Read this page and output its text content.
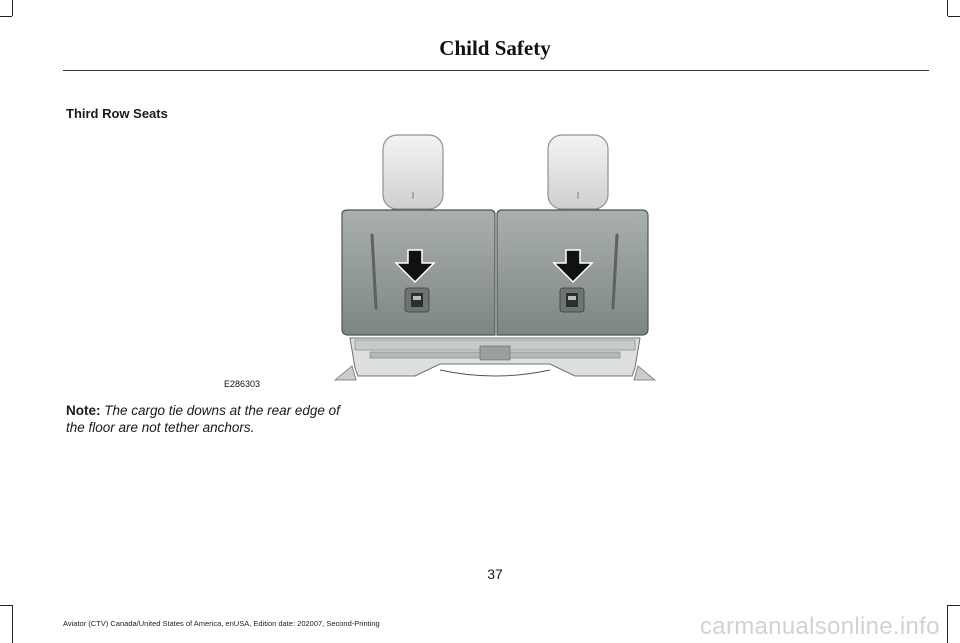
Child Safety
Third Row Seats
E286303
Note: The cargo tie downs at the rear edge of the floor are not tether anchors.
37
Aviator (CTV) Canada/United States of America, enUSA, Edition date: 202007, Second-Printing	carmanualsonline.info
